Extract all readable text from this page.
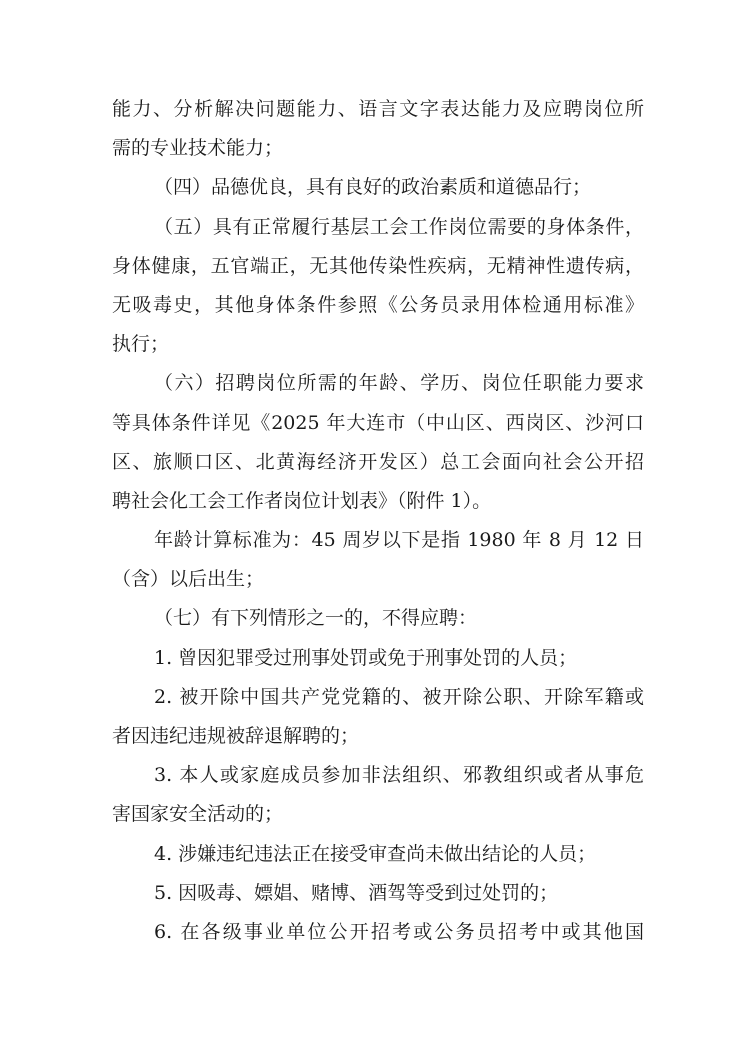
能力、分析解决问题能力、语言文字表达能力及应聘岗位所
需的专业技术能力；
（四）品德优良，具有良好的政治素质和道德品行；
（五）具有正常履行基层工会工作岗位需要的身体条件，
身体健康，五官端正，无其他传染性疾病，无精神性遗传病，
无吸毒史，其他身体条件参照《公务员录用体检通用标准》
执行；
（六）招聘岗位所需的年龄、学历、岗位任职能力要求
等具体条件详见《2025 年大连市（中山区、西岗区、沙河口
区、旅顺口区、北黄海经济开发区）总工会面向社会公开招
聘社会化工会工作者岗位计划表》（附件 1）。
年龄计算标准为：45 周岁以下是指 1980 年 8 月 12 日
（含）以后出生；
（七）有下列情形之一的，不得应聘：
1. 曾因犯罪受过刑事处罚或免于刑事处罚的人员；
2. 被开除中国共产党党籍的、被开除公职、开除军籍或
者因违纪违规被辞退解聘的；
3. 本人或家庭成员参加非法组织、邪教组织或者从事危
害国家安全活动的；
4. 涉嫌违纪违法正在接受审查尚未做出结论的人员；
5. 因吸毒、嫖娼、赌博、酒驾等受到过处罚的；
6. 在各级事业单位公开招考或公务员招考中或其他国
